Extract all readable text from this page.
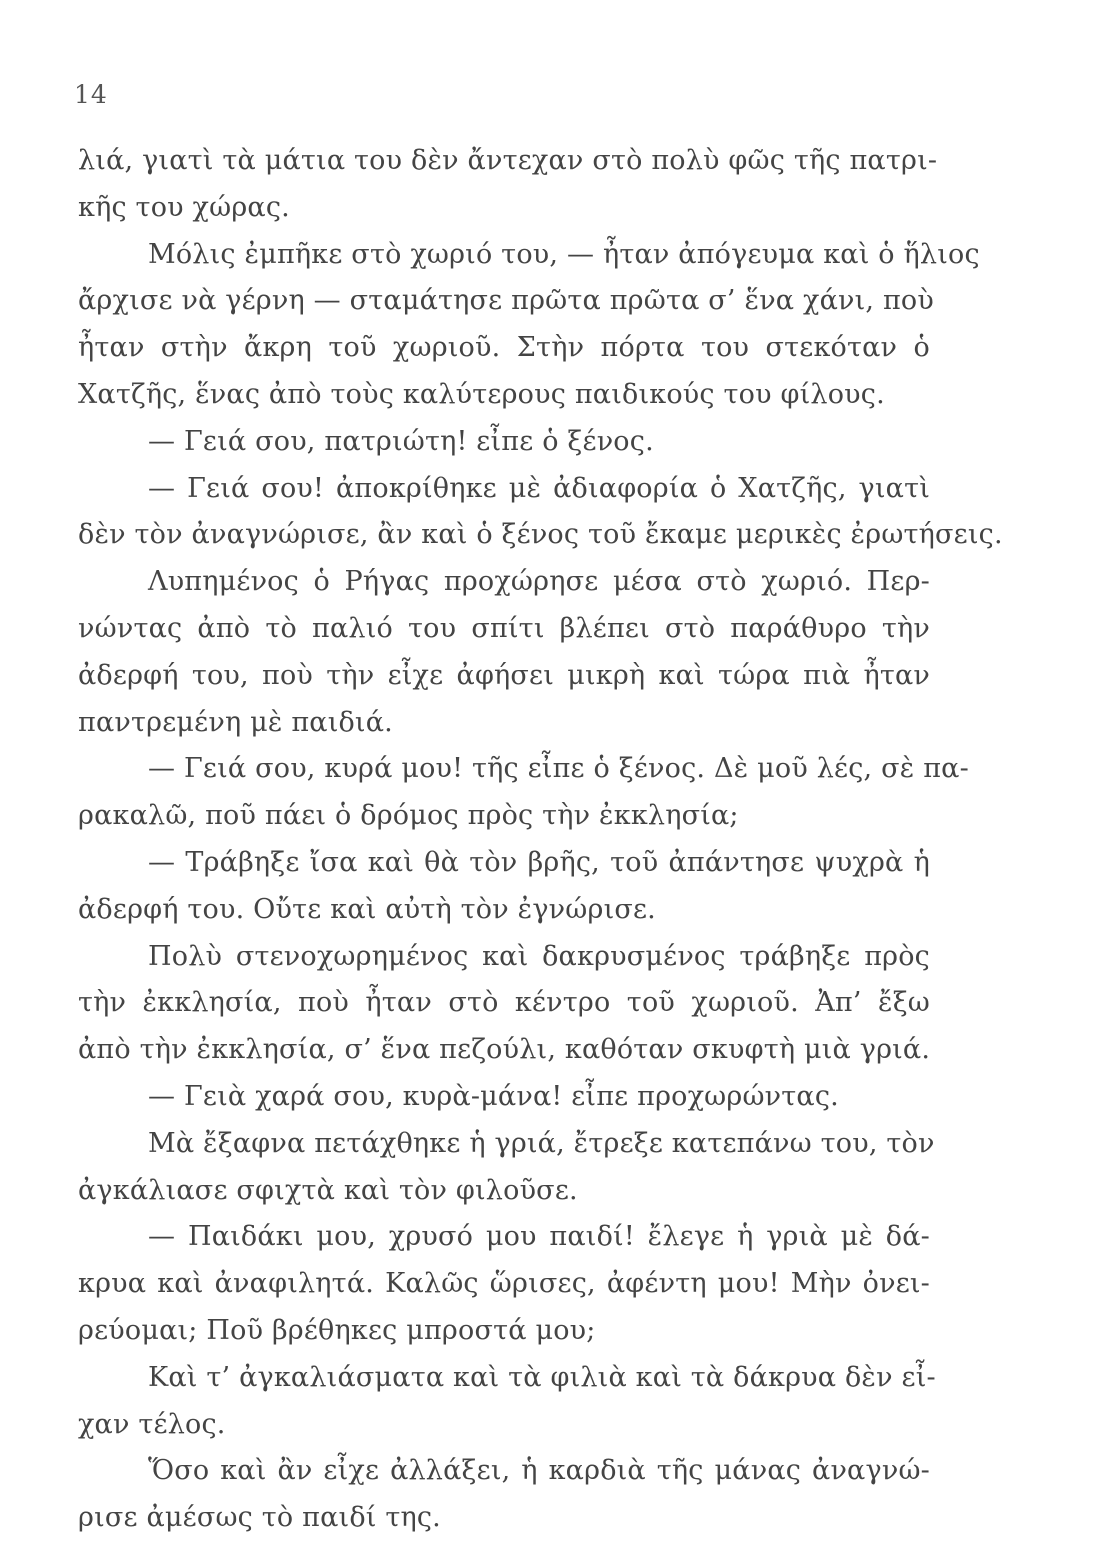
14
λιά, γιατὶ τὰ μάτια του δὲν ἄντεχαν στὸ πολὺ φῶς τῆς πατρι-
κῆς του χώρας.
Μόλις ἐμπῆκε στὸ χωριό του, — ἦταν ἀπόγευμα καὶ ὁ ἥλιος
ἄρχισε νὰ γέρνη — σταμάτησε πρῶτα πρῶτα σ’ ἕνα χάνι, ποὺ
ἦταν στὴν ἄκρη τοῦ χωριοῦ. Στὴν πόρτα του στεκόταν ὁ
Χατζῆς, ἕνας ἀπὸ τοὺς καλύτερους παιδικούς του φίλους.
— Γειά σου, πατριώτη! εἶπε ὁ ξένος.
— Γειά σου! ἀποκρίθηκε μὲ ἀδιαφορία ὁ Χατζῆς, γιατὶ
δὲν τὸν ἀναγνώρισε, ἂν καὶ ὁ ξένος τοῦ ἔκαμε μερικὲς ἐρωτήσεις.
Λυπημένος ὁ Ρήγας προχώρησε μέσα στὸ χωριό. Περ-
νώντας ἀπὸ τὸ παλιό του σπίτι βλέπει στὸ παράθυρο τὴν
ἀδερφή του, ποὺ τὴν εἶχε ἀφήσει μικρὴ καὶ τώρα πιὰ ἦταν
παντρεμένη μὲ παιδιά.
— Γειά σου, κυρά μου! τῆς εἶπε ὁ ξένος. Δὲ μοῦ λές, σὲ πα-
ρακαλῶ, ποῦ πάει ὁ δρόμος πρὸς τὴν ἐκκλησία;
— Τράβηξε ἴσα καὶ θὰ τὸν βρῆς, τοῦ ἀπάντησε ψυχρὰ ἡ
ἀδερφή του. Οὔτε καὶ αὐτὴ τὸν ἐγνώρισε.
Πολὺ στενοχωρημένος καὶ δακρυσμένος τράβηξε πρὸς
τὴν ἐκκλησία, ποὺ ἦταν στὸ κέντρο τοῦ χωριοῦ. Ἀπ’ ἔξω
ἀπὸ τὴν ἐκκλησία, σ’ ἕνα πεζούλι, καθόταν σκυφτὴ μιὰ γριά.
— Γειὰ χαρά σου, κυρὰ-μάνα! εἶπε προχωρώντας.
Μὰ ἔξαφνα πετάχθηκε ἡ γριά, ἔτρεξε κατεπάνω του, τὸν
ἀγκάλιασε σφιχτὰ καὶ τὸν φιλοῦσε.
— Παιδάκι μου, χρυσό μου παιδί! ἔλεγε ἡ γριὰ μὲ δά-
κρυα καὶ ἀναφιλητά. Καλῶς ὥρισες, ἀφέντη μου! Μὴν ὀνει-
ρεύομαι; Ποῦ βρέθηκες μπροστά μου;
Καὶ τ’ ἀγκαλιάσματα καὶ τὰ φιλιὰ καὶ τὰ δάκρυα δὲν εἶ-
χαν τέλος.
Ὅσο καὶ ἂν εἶχε ἀλλάξει, ἡ καρδιὰ τῆς μάνας ἀναγνώ-
ρισε ἀμέσως τὸ παιδί της.
